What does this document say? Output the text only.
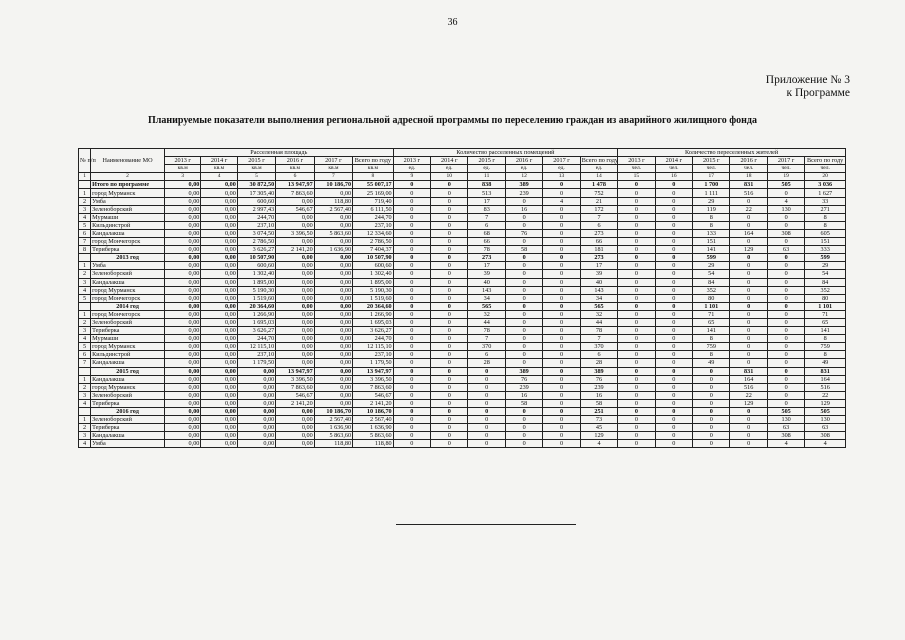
36
Приложение № 3
к Программе
Планируемые показатели выполнения региональной адресной программы по переселению граждан из аварийного жилищного фонда
№ п/п	Наименование МО	Расселенная площадь						Количество расселенных помещений						Количество переселенных жителей					
		2013 г	2014 г	2015 г	2016 г	2017 г	Всего по году	2013 г	2014 г	2015 г	2016 г	2017 г	Всего по году	2013 г	2014 г	2015 г	2016 г	2017 г	Всего по году
		кв.м	кв.м	кв.м	кв.м	кв.м	кв.м	ед.	ед.	ед.	ед.	ед.	ед.	чел.	чел.	чел.	чел.	чел.	чел.
1	2	3	4	5	6	7	8	9	10	11	12	13	14	15	16	17	18	19	20
	Итого по программе	0,00	0,00	30 872,50	13 947,97	10 186,70	55 007,17	0	0	838	389	0	1 478	0	0	1 700	831	505	3 036
1	город Мурманск	0,00	0,00	17 305,40	7 863,60	0,00	25 169,00	0	0	513	239	0	752	0	0	1 111	516	0	1 627
2	Умба	0,00	0,00	600,60	0,00	118,80	719,40	0	0	17	0	4	21	0	0	29	0	4	33
3	Зеленоборский	0,00	0,00	2 997,43	546,67	2 567,40	6 111,50	0	0	83	16	0	172	0	0	119	22	130	271
4	Мурмаши	0,00	0,00	244,70	0,00	0,00	244,70	0	0	7	0	0	7	0	0	8	0	0	8
5	Кильдинстрой	0,00	0,00	237,10	0,00	0,00	237,10	0	0	6	0	0	6	0	0	8	0	0	8
6	Кандалакша	0,00	0,00	3 074,50	3 396,50	5 863,60	12 334,60	0	0	68	76	0	273	0	0	133	164	308	605
7	город Мончегорск	0,00	0,00	2 786,50	0,00	0,00	2 786,50	0	0	66	0	0	66	0	0	151	0	0	151
8	Териберка	0,00	0,00	3 626,27	2 141,20	1 636,90	7 404,37	0	0	78	58	0	181	0	0	141	129	63	333
	2013 год	0,00	0,00	10 507,90	0,00	0,00	10 507,90	0	0	273	0	0	273	0	0	599	0	0	599
1	Умба	0,00	0,00	600,60	0,00	0,00	600,60	0	0	17	0	0	17	0	0	29	0	0	29
2	Зеленоборский	0,00	0,00	1 302,40	0,00	0,00	1 302,40	0	0	39	0	0	39	0	0	54	0	0	54
3	Кандалакша	0,00	0,00	1 895,00	0,00	0,00	1 895,00	0	0	40	0	0	40	0	0	84	0	0	84
4	город Мурманск	0,00	0,00	5 190,30	0,00	0,00	5 190,30	0	0	143	0	0	143	0	0	352	0	0	352
5	город Мончегорск	0,00	0,00	1 519,60	0,00	0,00	1 519,60	0	0	34	0	0	34	0	0	80	0	0	80
	2014 год	0,00	0,00	20 364,60	0,00	0,00	20 364,60	0	0	565	0	0	565	0	0	1 101	0	0	1 101
1	город Мончегорск	0,00	0,00	1 266,90	0,00	0,00	1 266,90	0	0	32	0	0	32	0	0	71	0	0	71
2	Зеленоборский	0,00	0,00	1 695,03	0,00	0,00	1 695,03	0	0	44	0	0	44	0	0	65	0	0	65
3	Териберка	0,00	0,00	3 626,27	0,00	0,00	3 626,27	0	0	78	0	0	78	0	0	141	0	0	141
4	Мурмаши	0,00	0,00	244,70	0,00	0,00	244,70	0	0	7	0	0	7	0	0	8	0	0	8
5	город Мурманск	0,00	0,00	12 115,10	0,00	0,00	12 115,10	0	0	370	0	0	370	0	0	759	0	0	759
6	Кильдинстрой	0,00	0,00	237,10	0,00	0,00	237,10	0	0	6	0	0	6	0	0	8	0	0	8
7	Кандалакша	0,00	0,00	1 179,50	0,00	0,00	1 179,50	0	0	28	0	0	28	0	0	49	0	0	49
	2015 год	0,00	0,00	0,00	13 947,97	0,00	13 947,97	0	0	0	389	0	389	0	0	0	831	0	831
1	Кандалакша	0,00	0,00	0,00	3 396,50	0,00	3 396,50	0	0	0	76	0	76	0	0	0	164	0	164
2	город Мурманск	0,00	0,00	0,00	7 863,60	0,00	7 863,60	0	0	0	239	0	239	0	0	0	516	0	516
3	Зеленоборский	0,00	0,00	0,00	546,67	0,00	546,67	0	0	0	16	0	16	0	0	0	22	0	22
4	Териберка	0,00	0,00	0,00	2 141,20	0,00	2 141,20	0	0	0	58	0	58	0	0	0	129	0	129
	2016 год	0,00	0,00	0,00	0,00	10 186,70	10 186,70	0	0	0	0	0	251	0	0	0	0	505	505
1	Зеленоборский	0,00	0,00	0,00	0,00	2 567,40	2 567,40	0	0	0	0	0	73	0	0	0	0	130	130
2	Териберка	0,00	0,00	0,00	0,00	1 636,90	1 636,90	0	0	0	0	0	45	0	0	0	0	63	63
3	Кандалакша	0,00	0,00	0,00	0,00	5 863,60	5 863,60	0	0	0	0	0	129	0	0	0	0	308	308
4	Умба	0,00	0,00	0,00	0,00	118,80	118,80	0	0	0	0	0	4	0	0	0	0	4	4
